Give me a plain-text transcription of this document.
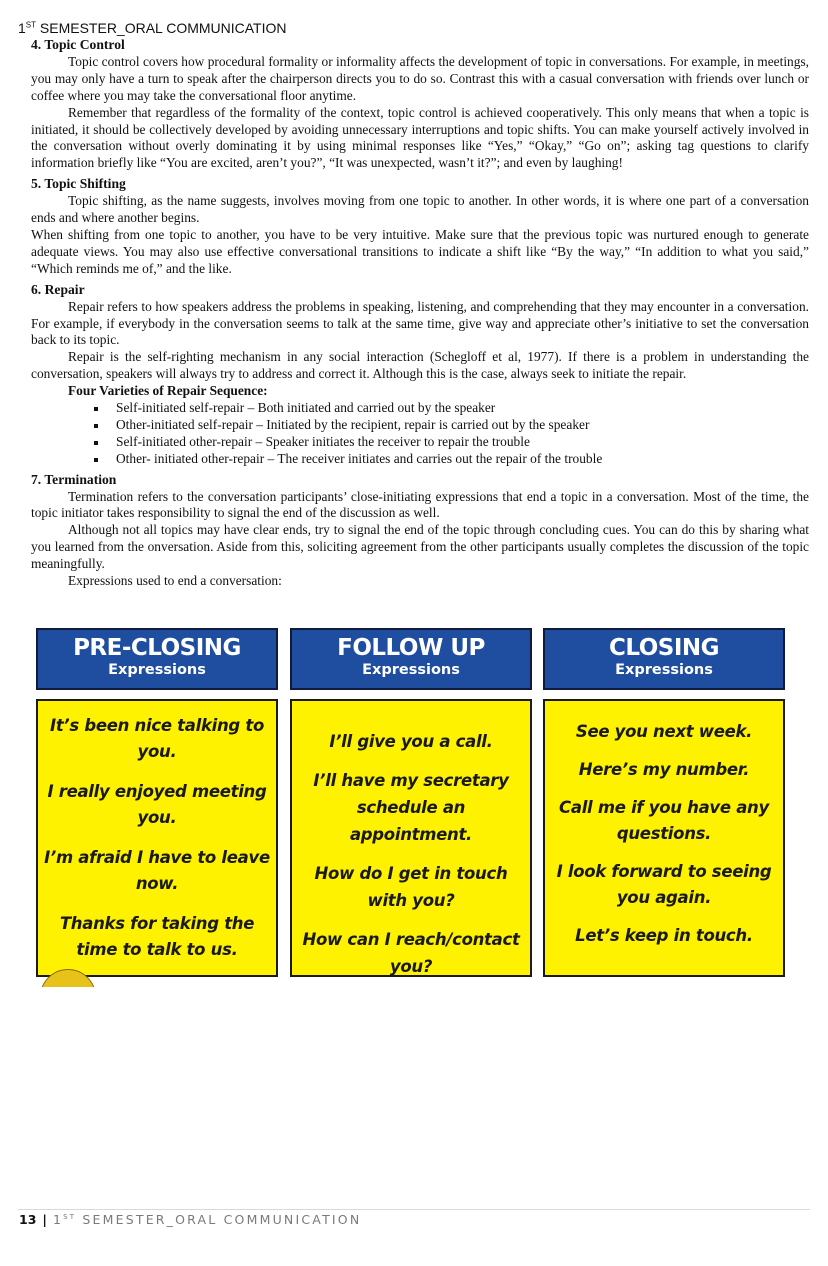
1ST SEMESTER_ORAL COMMUNICATION
4. Topic Control

Topic control covers how procedural formality or informality affects the development of topic in conversations. For example, in meetings, you may only have a turn to speak after the chairperson directs you to do so. Contrast this with a casual conversation with friends over lunch or coffee where you may take the conversational floor anytime.

Remember that regardless of the formality of the context, topic control is achieved cooperatively. This only means that when a topic is initiated, it should be collectively developed by avoiding unnecessary interruptions and topic shifts. You can make yourself actively involved in the conversation without overly dominating it by using minimal responses like “Yes,” “Okay,” “Go on”; asking tag questions to clarify information briefly like “You are excited, aren’t you?”, “It was unexpected, wasn’t it?”; and even by laughing!

5. Topic Shifting

Topic shifting, as the name suggests, involves moving from one topic to another. In other words, it is where one part of a conversation ends and where another begins.

When shifting from one topic to another, you have to be very intuitive. Make sure that the previous topic was nurtured enough to generate adequate views. You may also use effective conversational transitions to indicate a shift like “By the way,” “In addition to what you said,” “Which reminds me of,” and the like.

6. Repair

Repair refers to how speakers address the problems in speaking, listening, and comprehending that they may encounter in a conversation. For example, if everybody in the conversation seems to talk at the same time, give way and appreciate other’s initiative to set the conversation back to its topic.

Repair is the self-righting mechanism in any social interaction (Schegloff et al, 1977). If there is a problem in understanding the conversation, speakers will always try to address and correct it. Although this is the case, always seek to initiate the repair.

Four Varieties of Repair Sequence:

Self-initiated self-repair – Both initiated and carried out by the speaker
Other-initiated self-repair – Initiated by the recipient, repair is carried out by the speaker
Self-initiated other-repair – Speaker initiates the receiver to repair the trouble
Other- initiated other-repair – The receiver initiates and carries out the repair of the trouble
7. Termination

Termination refers to the conversation participants’ close-initiating expressions that end a topic in a conversation. Most of the time, the topic initiator takes responsibility to signal the end of the discussion as well.

Although not all topics may have clear ends, try to signal the end of the topic through concluding cues. You can do this by sharing what you learned from the onversation. Aside from this, soliciting agreement from the other participants usually completes the discussion of the topic meaningfully.

Expressions used to end a conversation:

PRE-CLOSING
Expressions
It’s been nice talking to you.
I really enjoyed meeting you.
I’m afraid I have to leave now.
Thanks for taking the time to talk to us.
FOLLOW UP
Expressions
I’ll give you a call.
I’ll have my secretary schedule an appointment.
How do I get in touch with you?
How can I reach/contact you?
CLOSING
Expressions
See you next week.
Here’s my number.
Call me if you have any questions.
I look forward to seeing you again.
Let’s keep in touch.
13 | 1ST SEMESTER_ORAL COMMUNICATION
